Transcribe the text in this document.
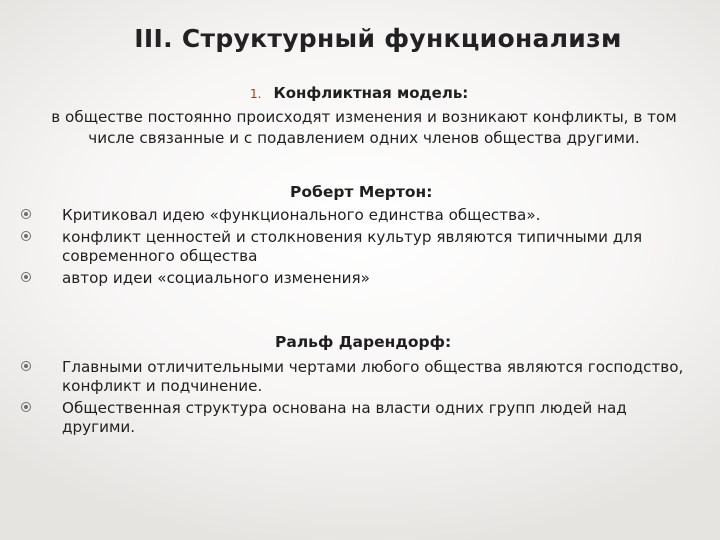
III. Структурный функционализм
1. Конфликтная модель:
в обществе постоянно происходят изменения и возникают конфликты, в том числе связанные и с подавлением одних членов общества другими.
Роберт Мертон:
Критиковал идею «функционального единства общества».
конфликт ценностей и столкновения культур являются типичными для современного общества
автор идеи «социального изменения»
Ральф Дарендорф:
Главными отличительными чертами любого общества являются господство, конфликт и подчинение.
Общественная структура основана на власти одних групп людей над другими.
